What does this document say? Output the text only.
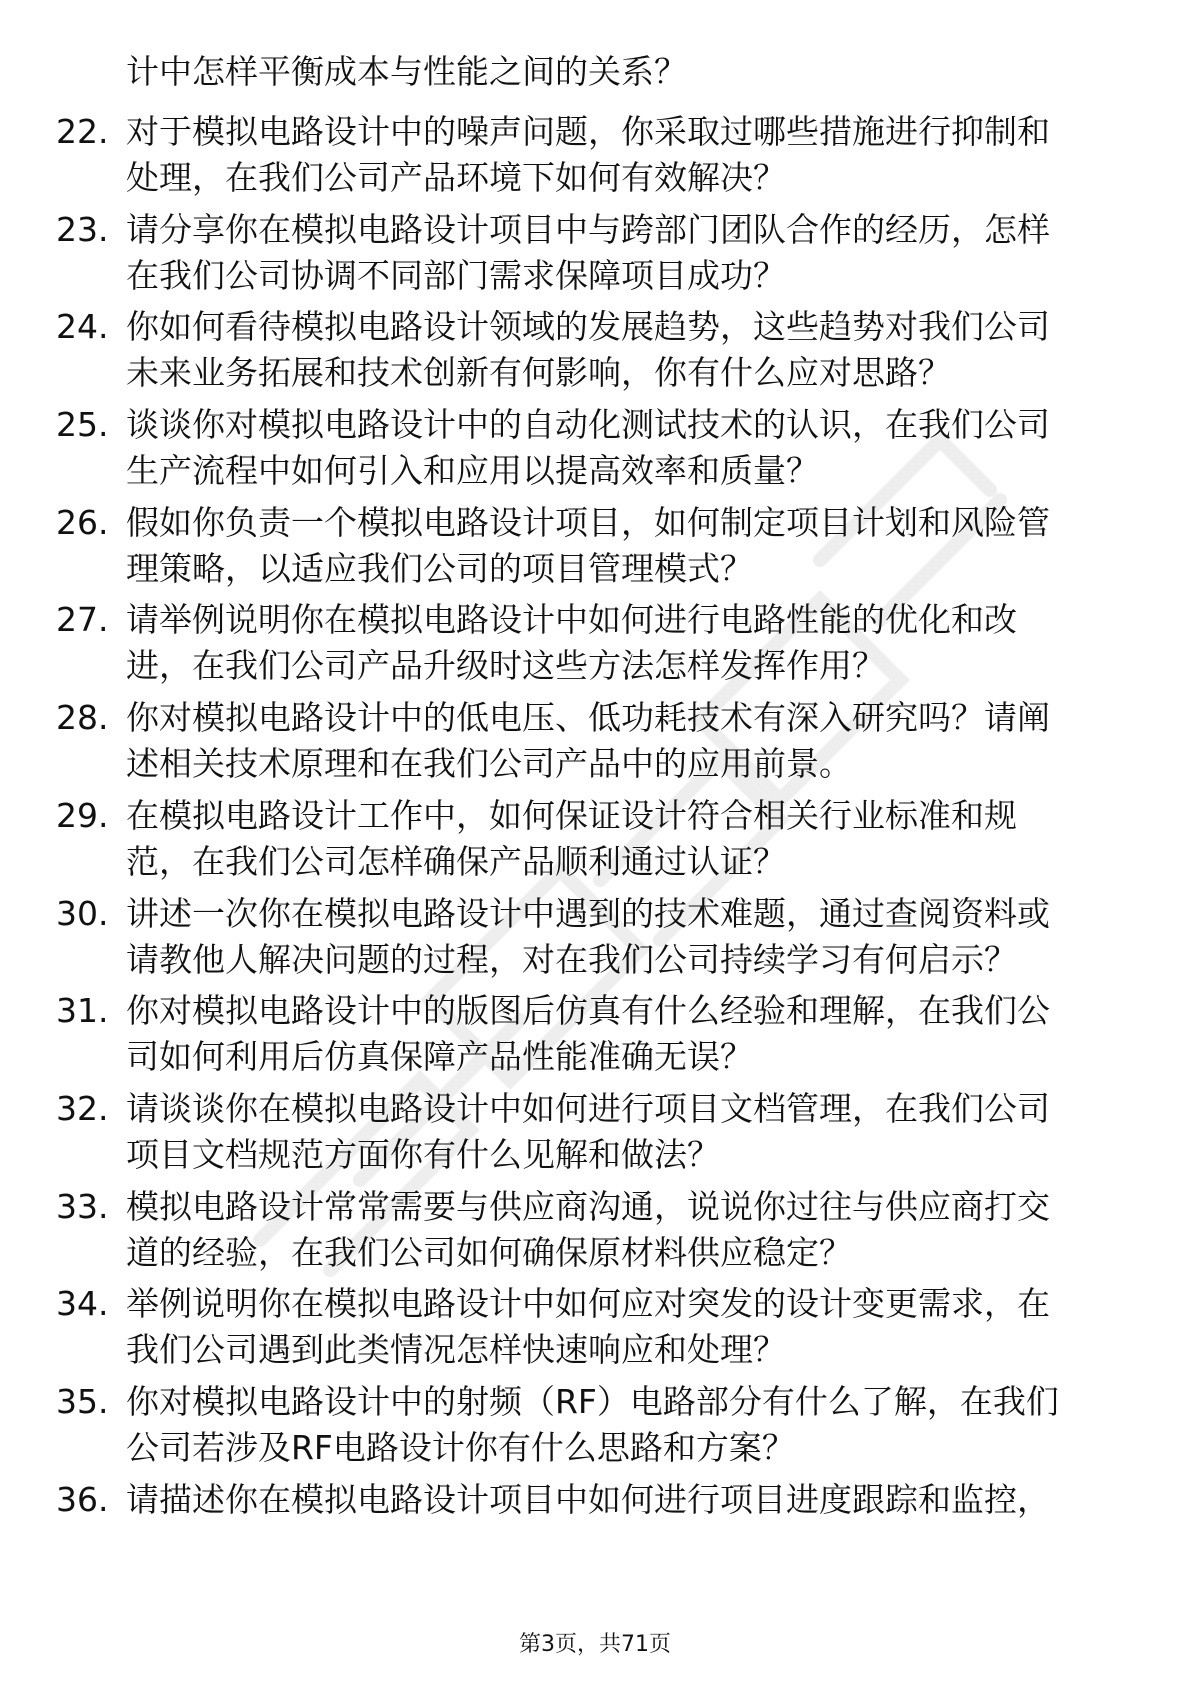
计中怎样平衡成本与性能之间的关系？
22. 对于模拟电路设计中的噪声问题，你采取过哪些措施进行抑制和
处理，在我们公司产品环境下如何有效解决？
23. 请分享你在模拟电路设计项目中与跨部门团队合作的经历，怎样
在我们公司协调不同部门需求保障项目成功？
24. 你如何看待模拟电路设计领域的发展趋势，这些趋势对我们公司
未来业务拓展和技术创新有何影响，你有什么应对思路？
25. 谈谈你对模拟电路设计中的自动化测试技术的认识，在我们公司
生产流程中如何引入和应用以提高效率和质量？
26. 假如你负责一个模拟电路设计项目，如何制定项目计划和风险管
理策略，以适应我们公司的项目管理模式？
27. 请举例说明你在模拟电路设计中如何进行电路性能的优化和改
进，在我们公司产品升级时这些方法怎样发挥作用？
28. 你对模拟电路设计中的低电压、低功耗技术有深入研究吗？请阐
述相关技术原理和在我们公司产品中的应用前景。
29. 在模拟电路设计工作中，如何保证设计符合相关行业标准和规
范，在我们公司怎样确保产品顺利通过认证？
30. 讲述一次你在模拟电路设计中遇到的技术难题，通过查阅资料或
请教他人解决问题的过程，对在我们公司持续学习有何启示？
31. 你对模拟电路设计中的版图后仿真有什么经验和理解，在我们公
司如何利用后仿真保障产品性能准确无误？
32. 请谈谈你在模拟电路设计中如何进行项目文档管理，在我们公司
项目文档规范方面你有什么见解和做法？
33. 模拟电路设计常常需要与供应商沟通，说说你过往与供应商打交
道的经验，在我们公司如何确保原材料供应稳定？
34. 举例说明你在模拟电路设计中如何应对突发的设计变更需求，在
我们公司遇到此类情况怎样快速响应和处理？
35. 你对模拟电路设计中的射频（RF）电路部分有什么了解，在我们
公司若涉及RF电路设计你有什么思路和方案？
36. 请描述你在模拟电路设计项目中如何进行项目进度跟踪和监控，
第3页，共71页
